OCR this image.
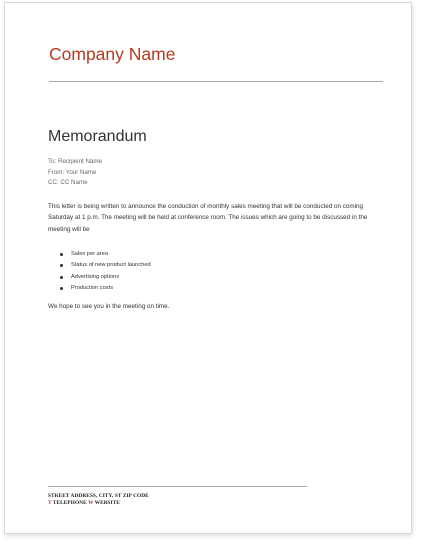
Company Name
Memorandum
To: Recipient Name
From: Your Name
CC: CC Name
This letter is being written to announce the conduction of monthly sales meeting that will be conducted on coming Saturday at 1 p.m. The meeting will be held at conference room. The issues which are going to be discussed in the meeting will be
Sales per area
Status of new product launched
Advertising options
Production costs
We hope to see you in the meeting on time.
STREET ADDRESS, CITY, ST ZIP CODE
T TELEPHONE W WEBSITE
